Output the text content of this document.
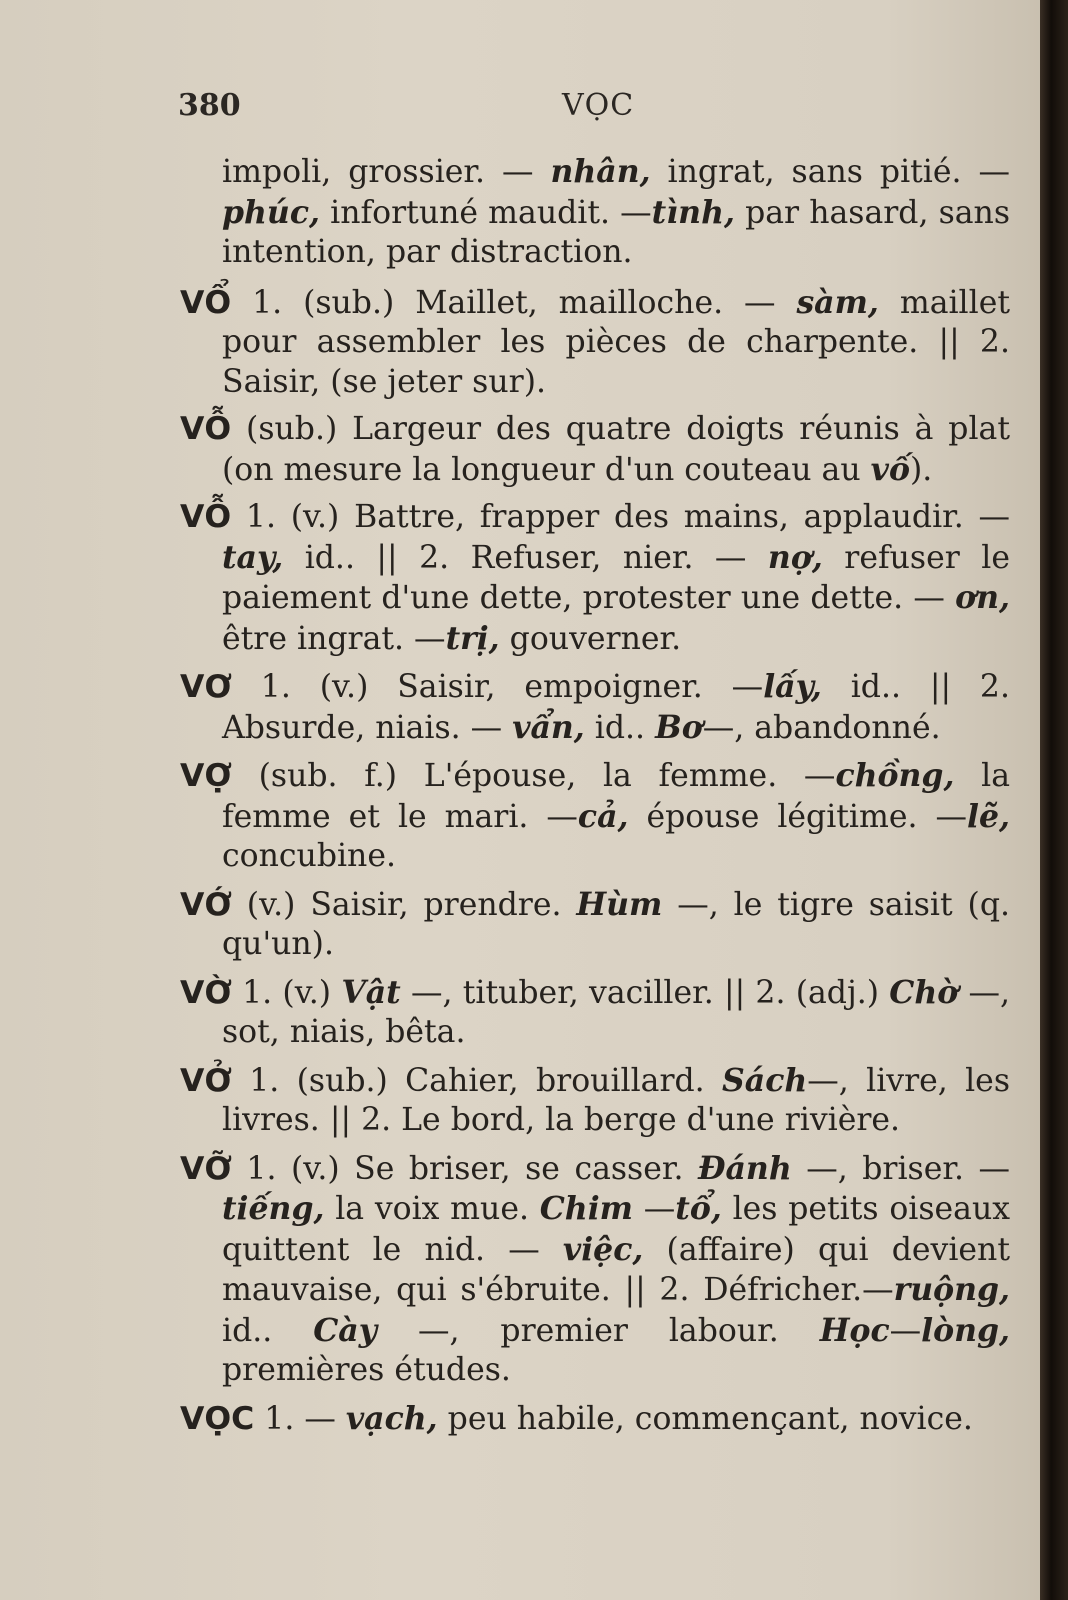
380	VỌC
impoli, grossier. — nhân, ingrat, sans pitié. — phúc, infortuné maudit. —tình, par hasard, sans intention, par distraction.
VỔ 1. (sub.) Maillet, mailloche. — sàm, maillet pour assembler les pièces de charpente. || 2. Saisir, (se jeter sur).
VỖ (sub.) Largeur des quatre doigts réunis à plat (on mesure la longueur d'un couteau au vố).
VỖ 1. (v.) Battre, frapper des mains, applaudir. —tay, id.. || 2. Refuser, nier. — nợ, refuser le paiement d'une dette, protester une dette. — ơn, être ingrat. —trị, gouverner.
VƠ 1. (v.) Saisir, empoigner. —lấy, id.. || 2. Absurde, niais. — vẩn, id.. Bơ—, abandonné.
VỢ (sub. f.) L'épouse, la femme. —chồng, la femme et le mari. —cả, épouse légitime. —lẽ, concubine.
VỚ (v.) Saisir, prendre. Hùm —, le tigre saisit (q. qu'un).
VỜ 1. (v.) Vật —, tituber, vaciller. || 2. (adj.) Chờ —, sot, niais, bêta.
VỞ 1. (sub.) Cahier, brouillard. Sách—, livre, les livres. || 2. Le bord, la berge d'une rivière.
VỠ 1. (v.) Se briser, se casser. Đánh —, briser. — tiếng, la voix mue. Chim —tổ, les petits oiseaux quittent le nid. — việc, (affaire) qui devient mauvaise, qui s'ébruite. || 2. Défricher.—ruộng, id.. Cày —, premier labour. Học—lòng, premières études.
VỌC 1. — vạch, peu habile, commençant, novice.
